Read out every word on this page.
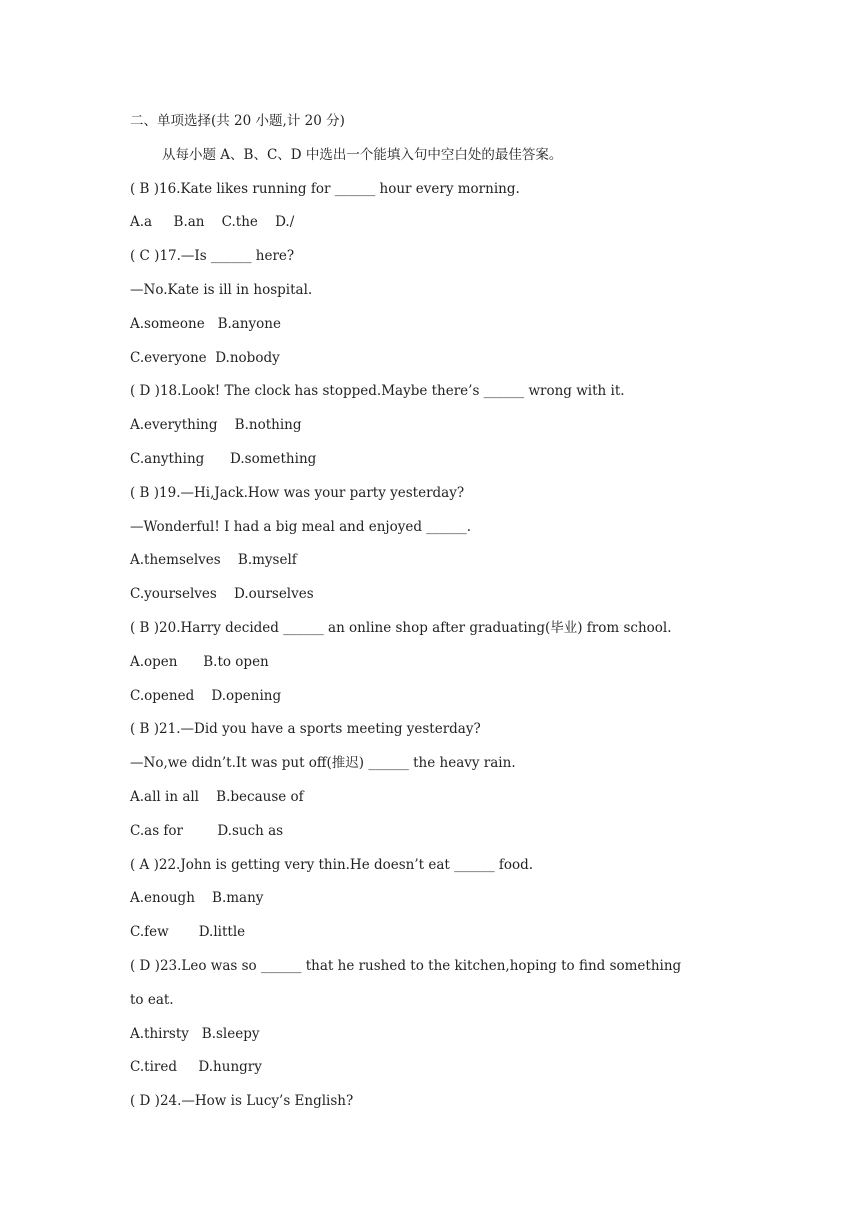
二、单项选择(共 20 小题,计 20 分)
从每小题 A、B、C、D 中选出一个能填入句中空白处的最佳答案。
( B )16.Kate likes running for ______ hour every morning.
A.a     B.an    C.the    D./
( C )17.—Is ______ here?
—No.Kate is ill in hospital.
A.someone   B.anyone
C.everyone  D.nobody
( D )18.Look! The clock has stopped.Maybe there’s ______ wrong with it.
A.everything    B.nothing
C.anything      D.something
( B )19.—Hi,Jack.How was your party yesterday?
—Wonderful! I had a big meal and enjoyed ______.
A.themselves    B.myself
C.yourselves    D.ourselves
( B )20.Harry decided ______ an online shop after graduating(毕业) from school.
A.open      B.to open
C.opened    D.opening
( B )21.—Did you have a sports meeting yesterday?
—No,we didn’t.It was put off(推迟) ______ the heavy rain.
A.all in all    B.because of
C.as for        D.such as
( A )22.John is getting very thin.He doesn’t eat ______ food.
A.enough    B.many
C.few       D.little
( D )23.Leo was so ______ that he rushed to the kitchen,hoping to find something
to eat.
A.thirsty   B.sleepy
C.tired     D.hungry
( D )24.—How is Lucy’s English?
